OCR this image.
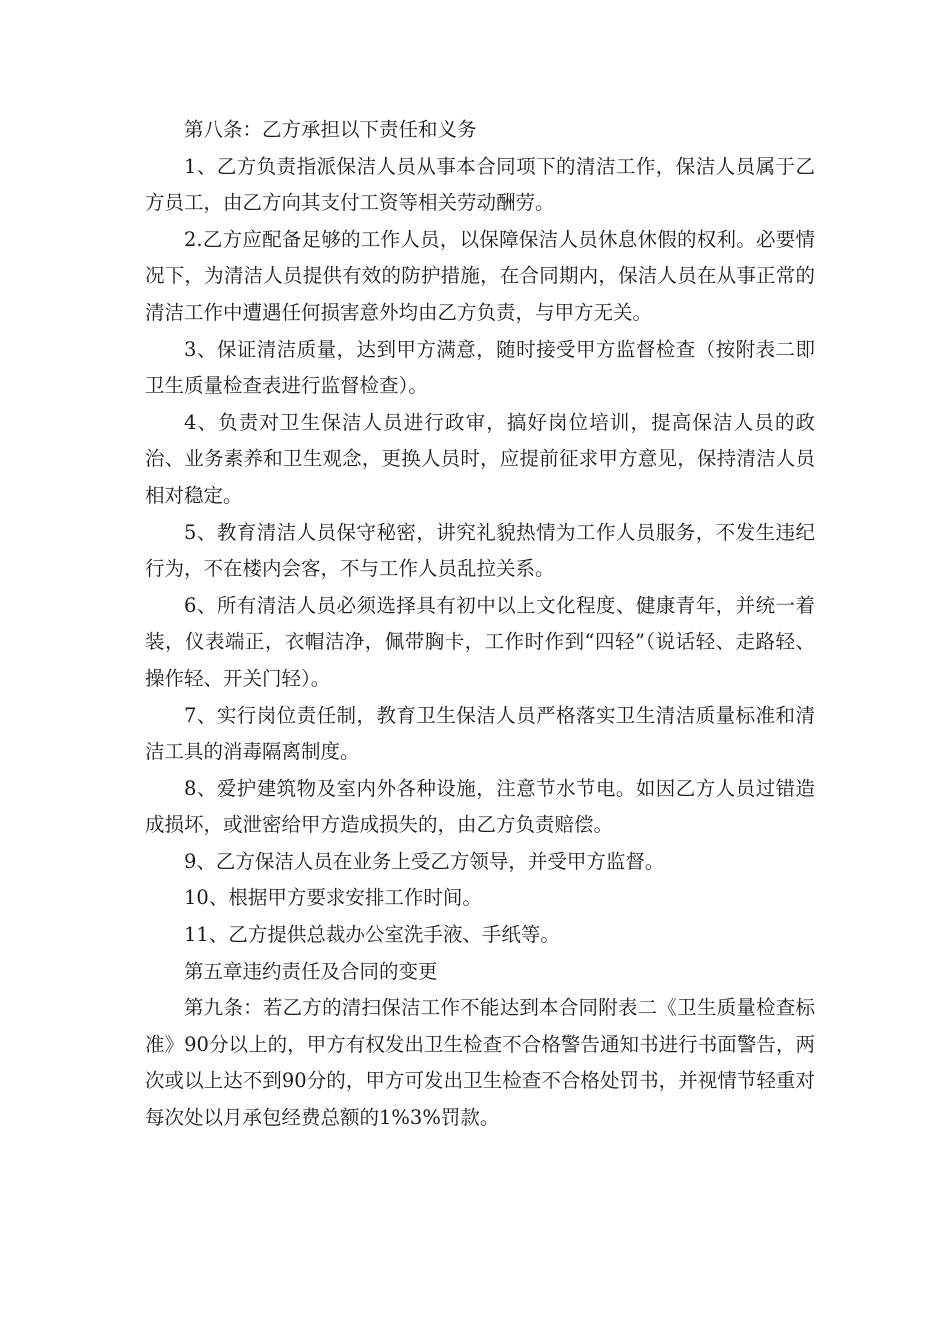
第八条：乙方承担以下责任和义务

1、乙方负责指派保洁人员从事本合同项下的清洁工作，保洁人员属于乙方员工，由乙方向其支付工资等相关劳动酬劳。

2.乙方应配备足够的工作人员，以保障保洁人员休息休假的权利。必要情况下，为清洁人员提供有效的防护措施，在合同期内，保洁人员在从事正常的清洁工作中遭遇任何损害意外均由乙方负责，与甲方无关。

3、保证清洁质量，达到甲方满意，随时接受甲方监督检查（按附表二即卫生质量检查表进行监督检查）。

4、负责对卫生保洁人员进行政审，搞好岗位培训，提高保洁人员的政治、业务素养和卫生观念，更换人员时，应提前征求甲方意见，保持清洁人员相对稳定。

5、教育清洁人员保守秘密，讲究礼貌热情为工作人员服务，不发生违纪行为，不在楼内会客，不与工作人员乱拉关系。

6、所有清洁人员必须选择具有初中以上文化程度、健康青年，并统一着装，仪表端正，衣帽洁净，佩带胸卡，工作时作到“四轻”（说话轻、走路轻、操作轻、开关门轻）。

7、实行岗位责任制，教育卫生保洁人员严格落实卫生清洁质量标准和清洁工具的消毒隔离制度。

8、爱护建筑物及室内外各种设施，注意节水节电。如因乙方人员过错造成损坏，或泄密给甲方造成损失的，由乙方负责赔偿。

9、乙方保洁人员在业务上受乙方领导，并受甲方监督。

10、根据甲方要求安排工作时间。

11、乙方提供总裁办公室洗手液、手纸等。

第五章违约责任及合同的变更

第九条：若乙方的清扫保洁工作不能达到本合同附表二《卫生质量检查标准》90分以上的，甲方有权发出卫生检查不合格警告通知书进行书面警告，两次或以上达不到90分的，甲方可发出卫生检查不合格处罚书，并视情节轻重对每次处以月承包经费总额的1%3%罚款。
